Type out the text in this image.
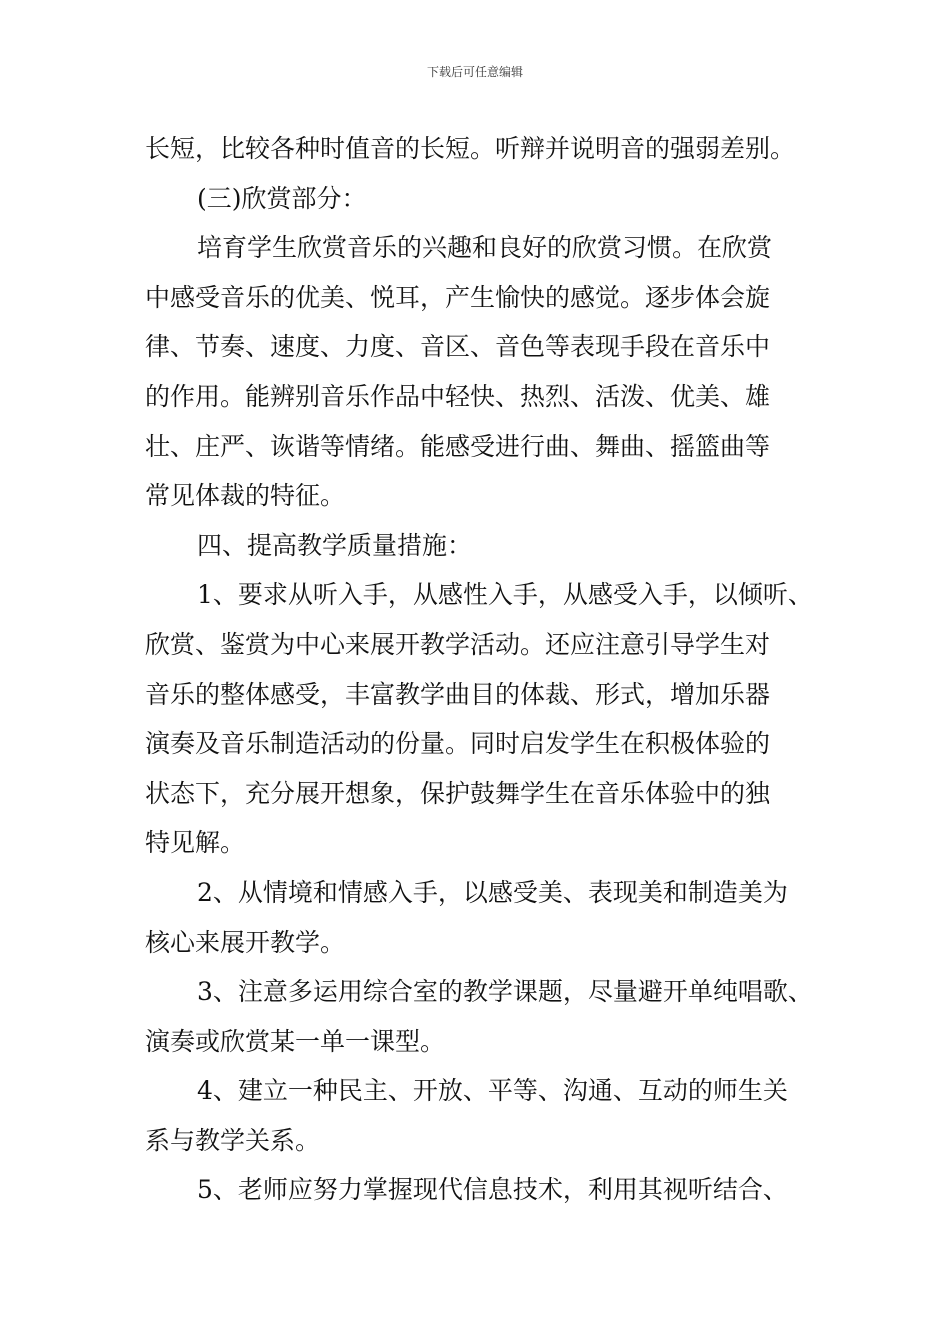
下载后可任意编辑
长短，比较各种时值音的长短。听辩并说明音的强弱差别。
(三)欣赏部分：
培育学生欣赏音乐的兴趣和良好的欣赏习惯。在欣赏
中感受音乐的优美、悦耳，产生愉快的感觉。逐步体会旋
律、节奏、速度、力度、音区、音色等表现手段在音乐中
的作用。能辨别音乐作品中轻快、热烈、活泼、优美、雄
壮、庄严、诙谐等情绪。能感受进行曲、舞曲、摇篮曲等
常见体裁的特征。
四、提高教学质量措施：
1、要求从听入手，从感性入手，从感受入手，以倾听、
欣赏、鉴赏为中心来展开教学活动。还应注意引导学生对
音乐的整体感受，丰富教学曲目的体裁、形式，增加乐器
演奏及音乐制造活动的份量。同时启发学生在积极体验的
状态下，充分展开想象，保护鼓舞学生在音乐体验中的独
特见解。
2、从情境和情感入手，以感受美、表现美和制造美为
核心来展开教学。
3、注意多运用综合室的教学课题，尽量避开单纯唱歌、
演奏或欣赏某一单一课型。
4、建立一种民主、开放、平等、沟通、互动的师生关
系与教学关系。
5、老师应努力掌握现代信息技术，利用其视听结合、
